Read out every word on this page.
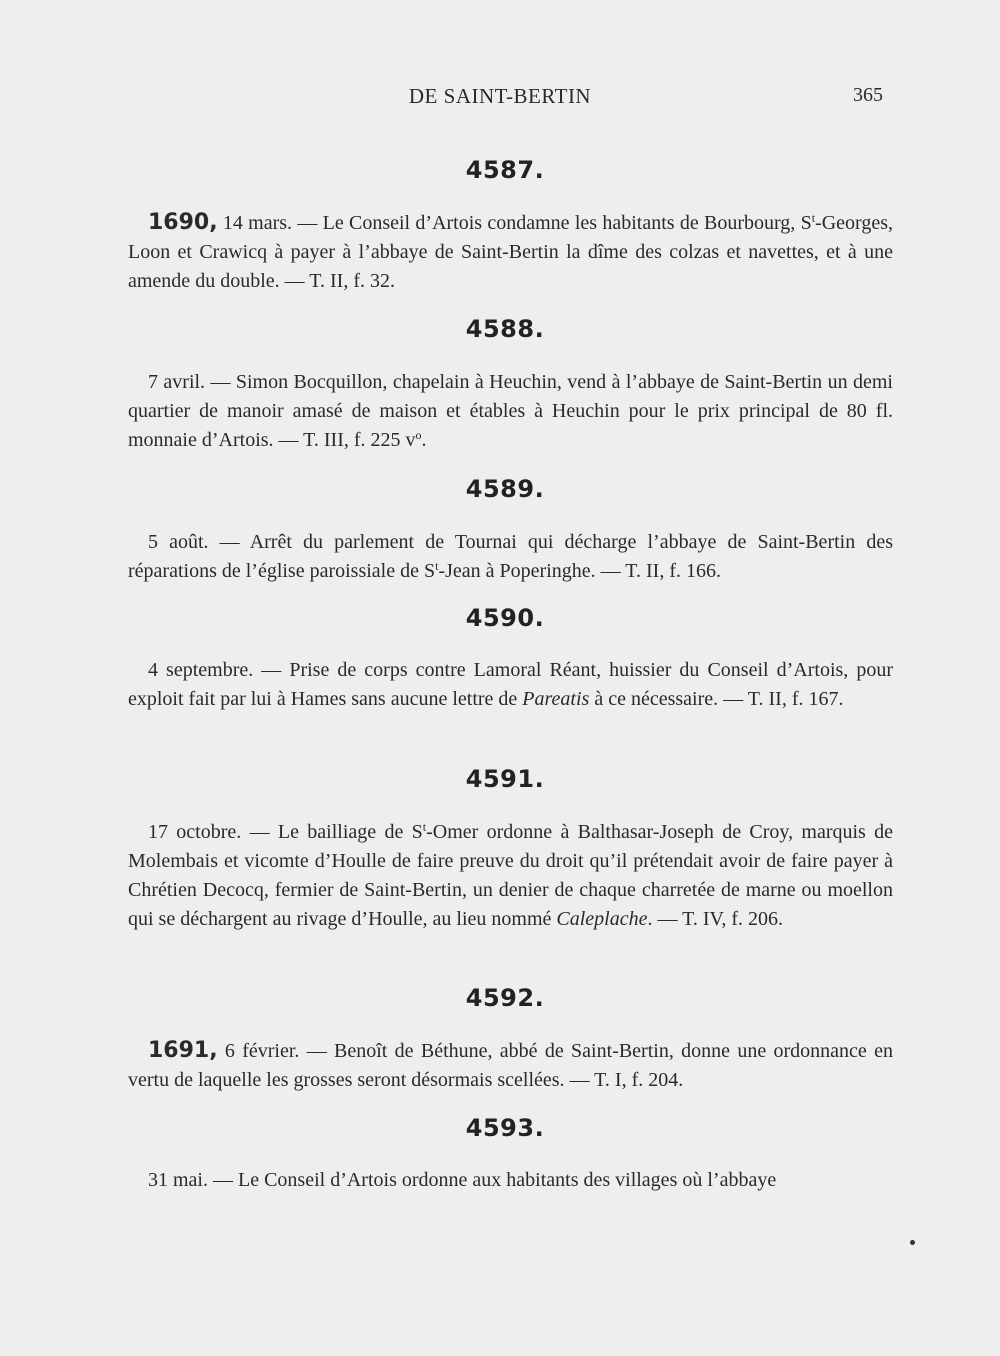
DE SAINT-BERTIN	365
4587.
1690, 14 mars. — Le Conseil d’Artois condamne les habitants de Bourbourg, $S^t$-Georges, Loon et Crawicq à payer à l’abbaye de Saint-Bertin la dîme des colzas et navettes, et à une amende du double. — T. II, f. 32.
4588.
7 avril. — Simon Bocquillon, chapelain à Heuchin, vend à l’abbaye de Saint-Bertin un demi quartier de manoir amasé de maison et étables à Heuchin pour le prix principal de 80 fl. monnaie d’Artois. — T. III, f. 225 $v^o$.
4589.
5 août. — Arrêt du parlement de Tournai qui décharge l’abbaye de Saint-Bertin des réparations de l’église paroissiale de $S^t$-Jean à Poperinghe. — T. II, f. 166.
4590.
4 septembre. — Prise de corps contre Lamoral Réant, huissier du Conseil d’Artois, pour exploit fait par lui à Hames sans aucune lettre de Pareatis à ce nécessaire. — T. II, f. 167.
4591.
17 octobre. — Le bailliage de $S^t$-Omer ordonne à Balthasar-Joseph de Croy, marquis de Molembais et vicomte d’Houlle de faire preuve du droit qu’il prétendait avoir de faire payer à Chrétien Decocq, fermier de Saint-Bertin, un denier de chaque charretée de marne ou moellon qui se déchargent au rivage d’Houlle, au lieu nommé Caleplache. — T. IV, f. 206.
4592.
1691, 6 février. — Benoît de Béthune, abbé de Saint-Bertin, donne une ordonnance en vertu de laquelle les grosses seront désormais scellées. — T. I, f. 204.
4593.
31 mai. — Le Conseil d’Artois ordonne aux habitants des villages où l’abbaye
